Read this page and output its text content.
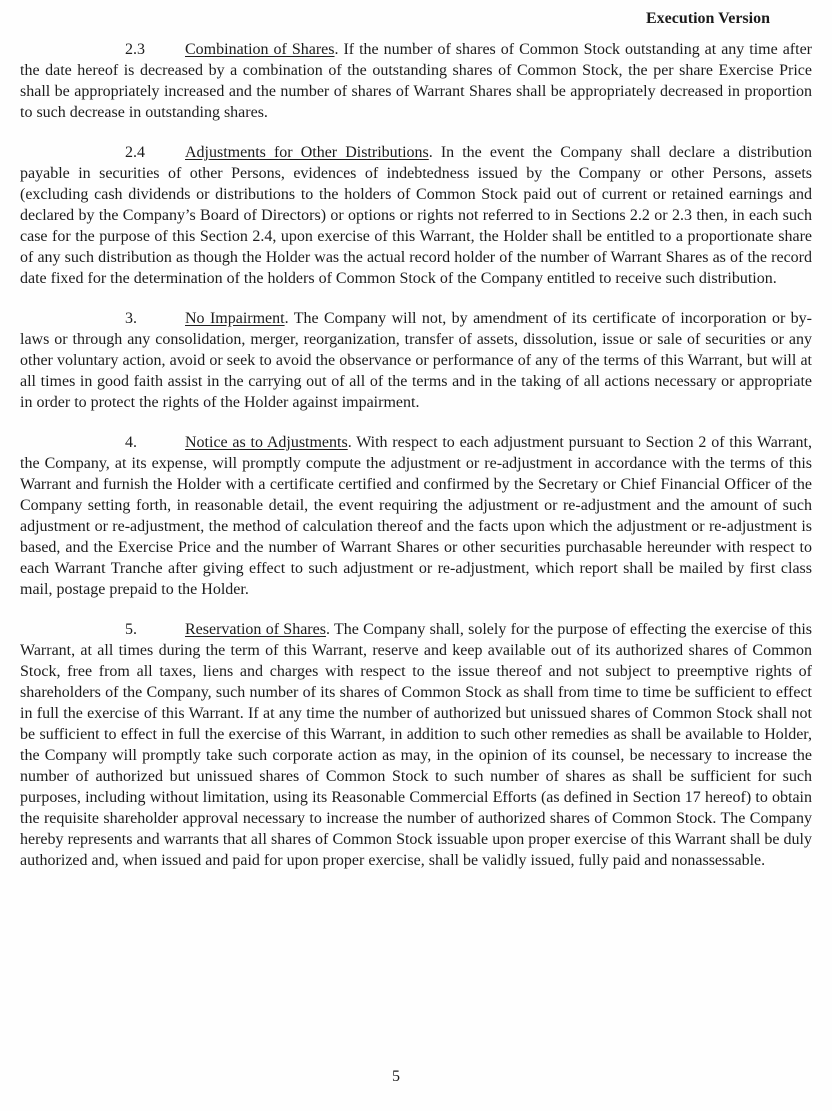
Execution Version

2.3	Combination of Shares. If the number of shares of Common Stock outstanding at any time after the date hereof is decreased by a combination of the outstanding shares of Common Stock, the per share Exercise Price shall be appropriately increased and the number of shares of Warrant Shares shall be appropriately decreased in proportion to such decrease in outstanding shares.

2.4	Adjustments for Other Distributions. In the event the Company shall declare a distribution payable in securities of other Persons, evidences of indebtedness issued by the Company or other Persons, assets (excluding cash dividends or distributions to the holders of Common Stock paid out of current or retained earnings and declared by the Company’s Board of Directors) or options or rights not referred to in Sections 2.2 or 2.3 then, in each such case for the purpose of this Section 2.4, upon exercise of this Warrant, the Holder shall be entitled to a proportionate share of any such distribution as though the Holder was the actual record holder of the number of Warrant Shares as of the record date fixed for the determination of the holders of Common Stock of the Company entitled to receive such distribution.

3.	No Impairment. The Company will not, by amendment of its certificate of incorporation or by-laws or through any consolidation, merger, reorganization, transfer of assets, dissolution, issue or sale of securities or any other voluntary action, avoid or seek to avoid the observance or performance of any of the terms of this Warrant, but will at all times in good faith assist in the carrying out of all of the terms and in the taking of all actions necessary or appropriate in order to protect the rights of the Holder against impairment.

4.	Notice as to Adjustments. With respect to each adjustment pursuant to Section 2 of this Warrant, the Company, at its expense, will promptly compute the adjustment or re-adjustment in accordance with the terms of this Warrant and furnish the Holder with a certificate certified and confirmed by the Secretary or Chief Financial Officer of the Company setting forth, in reasonable detail, the event requiring the adjustment or re-adjustment and the amount of such adjustment or re-adjustment, the method of calculation thereof and the facts upon which the adjustment or re-adjustment is based, and the Exercise Price and the number of Warrant Shares or other securities purchasable hereunder with respect to each Warrant Tranche after giving effect to such adjustment or re-adjustment, which report shall be mailed by first class mail, postage prepaid to the Holder.

5.	Reservation of Shares. The Company shall, solely for the purpose of effecting the exercise of this Warrant, at all times during the term of this Warrant, reserve and keep available out of its authorized shares of Common Stock, free from all taxes, liens and charges with respect to the issue thereof and not subject to preemptive rights of shareholders of the Company, such number of its shares of Common Stock as shall from time to time be sufficient to effect in full the exercise of this Warrant. If at any time the number of authorized but unissued shares of Common Stock shall not be sufficient to effect in full the exercise of this Warrant, in addition to such other remedies as shall be available to Holder, the Company will promptly take such corporate action as may, in the opinion of its counsel, be necessary to increase the number of authorized but unissued shares of Common Stock to such number of shares as shall be sufficient for such purposes, including without limitation, using its Reasonable Commercial Efforts (as defined in Section 17 hereof) to obtain the requisite shareholder approval necessary to increase the number of authorized shares of Common Stock. The Company hereby represents and warrants that all shares of Common Stock issuable upon proper exercise of this Warrant shall be duly authorized and, when issued and paid for upon proper exercise, shall be validly issued, fully paid and nonassessable.

5
